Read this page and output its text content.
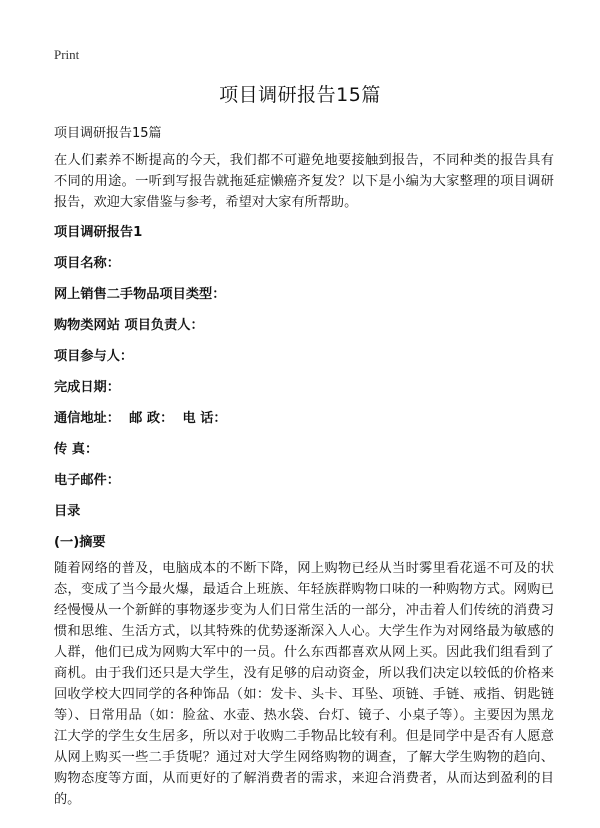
Print
项目调研报告15篇
项目调研报告15篇
在人们素养不断提高的今天，我们都不可避免地要接触到报告，不同种类的报告具有不同的用途。一听到写报告就拖延症懒癌齐复发？以下是小编为大家整理的项目调研报告，欢迎大家借鉴与参考，希望对大家有所帮助。
项目调研报告1
项目名称：
网上销售二手物品项目类型：
购物类网站 项目负责人：
项目参与人：
完成日期：
通信地址：  邮 政：  电 话：
传 真：
电子邮件：
目录
(一)摘要
随着网络的普及，电脑成本的不断下降，网上购物已经从当时雾里看花遥不可及的状态，变成了当今最火爆，最适合上班族、年轻族群购物口味的一种购物方式。网购已经慢慢从一个新鲜的事物逐步变为人们日常生活的一部分，冲击着人们传统的消费习惯和思维、生活方式，以其特殊的优势逐渐深入人心。大学生作为对网络最为敏感的人群，他们已成为网购大军中的一员。什么东西都喜欢从网上买。因此我们组看到了商机。由于我们还只是大学生，没有足够的启动资金，所以我们决定以较低的价格来回收学校大四同学的各种饰品（如：发卡、头卡、耳坠、项链、手链、戒指、钥匙链等）、日常用品（如：脸盆、水壶、热水袋、台灯、镜子、小桌子等）。主要因为黑龙江大学的学生女生居多，所以对于收购二手物品比较有利。但是同学中是否有人愿意从网上购买一些二手货呢？通过对大学生网络购物的调查，了解大学生购物的趋向、购物态度等方面，从而更好的了解消费者的需求，来迎合消费者，从而达到盈利的目的。
